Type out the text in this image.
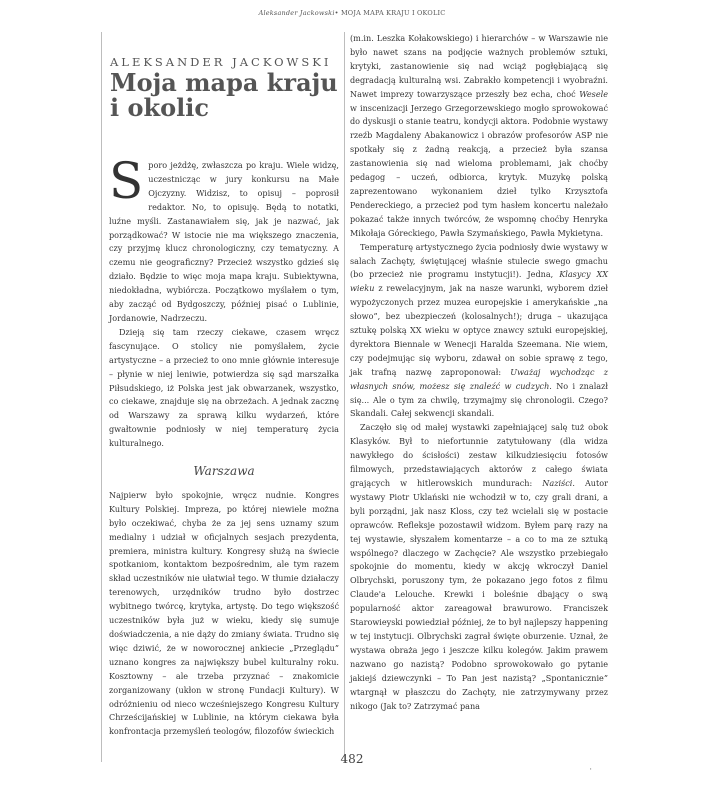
Aleksander Jackowski• MOJA MAPA KRAJU I OKOLIC
ALEKSANDER JACKOWSKI
Moja mapa kraju
i okolic

Sporo jeżdżę, zwłaszcza po kraju. Wiele widzę, uczestnicząc w jury konkursu na Małe Ojczyzny. Widzisz, to opisuj – poprosił redaktor. No, to opisuję. Będą to notatki, luźne myśli. Zastanawiałem się, jak je nazwać, jak porządkować? W istocie nie ma większego znaczenia, czy przyjmę klucz chronologiczny, czy tematyczny. A czemu nie geograficzny? Przecież wszystko gdzieś się działo. Będzie to więc moja mapa kraju. Subiektywna, niedokładna, wybiórcza. Początkowo myślałem o tym, aby zacząć od Bydgoszczy, później pisać o Lublinie, Jordanowie, Nadrzeczu.

Dzieją się tam rzeczy ciekawe, czasem wręcz fascynujące. O stolicy nie pomyślałem, życie artystyczne – a przecież to ono mnie głównie interesuje – płynie w niej leniwie, potwierdza się sąd marszałka Piłsudskiego, iż Polska jest jak obwarzanek, wszystko, co ciekawe, znajduje się na obrzeżach. A jednak zacznę od Warszawy za sprawą kilku wydarzeń, które gwałtownie podniosły w niej temperaturę życia kulturalnego.

Warszawa

Najpierw było spokojnie, wręcz nudnie. Kongres Kultury Polskiej. Impreza, po której niewiele można było oczekiwać, chyba że za jej sens uznamy szum medialny i udział w oficjalnych sesjach prezydenta, premiera, ministra kultury. Kongresy służą na świecie spotkaniom, kontaktom bezpośrednim, ale tym razem skład uczestników nie ułatwiał tego. W tłumie działaczy terenowych, urzędników trudno było dostrzec wybitnego twórcę, krytyka, artystę. Do tego większość uczestników była już w wieku, kiedy się sumuje doświadczenia, a nie dąży do zmiany świata. Trudno się więc dziwić, że w noworocznej ankiecie „Przeglądu” uznano kongres za największy bubel kulturalny roku. Kosztowny – ale trzeba przyznać – znakomicie zorganizowany (ukłon w stronę Fundacji Kultury). W odróżnieniu od nieco wcześniejszego Kongresu Kultury Chrześcijańskiej w Lublinie, na którym ciekawa była konfrontacja przemyśleń teologów, filozofów świeckich

(m.in. Leszka Kołakowskiego) i hierarchów – w Warszawie nie było nawet szans na podjęcie ważnych problemów sztuki, krytyki, zastanowienie się nad wciąż pogłębiającą się degradacją kulturalną wsi. Zabrakło kompetencji i wyobraźni. Nawet imprezy towarzyszące przeszły bez echa, choć Wesele w inscenizacji Jerzego Grzegorzewskiego mogło sprowokować do dyskusji o stanie teatru, kondycji aktora. Podobnie wystawy rzeźb Magdaleny Abakanowicz i obrazów profesorów ASP nie spotkały się z żadną reakcją, a przecież była szansa zastanowienia się nad wieloma problemami, jak choćby pedagog – uczeń, odbiorca, krytyk. Muzykę polską zaprezentowano wykonaniem dzieł tylko Krzysztofa Pendereckiego, a przecież pod tym hasłem koncertu należało pokazać także innych twórców, że wspomnę choćby Henryka Mikołaja Góreckiego, Pawła Szymańskiego, Pawła Mykietyna.

Temperaturę artystycznego życia podniosły dwie wystawy w salach Zachęty, świętującej właśnie stulecie swego gmachu (bo przecież nie programu instytucji!). Jedna, Klasycy XX wieku z rewelacyjnym, jak na nasze warunki, wyborem dzieł wypożyczonych przez muzea europejskie i amerykańskie „na słowo”, bez ubezpieczeń (kolosalnych!); druga – ukazująca sztukę polską XX wieku w optyce znawcy sztuki europejskiej, dyrektora Biennale w Wenecji Haralda Szeemana. Nie wiem, czy podejmując się wyboru, zdawał on sobie sprawę z tego, jak trafną nazwę zaproponował: Uważaj wychodząc z własnych snów, możesz się znaleźć w cudzych. No i znalazł się... Ale o tym za chwilę, trzymajmy się chronologii. Czego? Skandali. Całej sekwencji skandali.

Zaczęło się od małej wystawki zapełniającej salę tuż obok Klasyków. Był to niefortunnie zatytułowany (dla widza nawykłego do ścisłości) zestaw kilkudziesięciu fotosów filmowych, przedstawiających aktorów z całego świata grających w hitlerowskich mundurach: Naziści. Autor wystawy Piotr Uklański nie wchodził w to, czy grali drani, a byli porządni, jak nasz Kloss, czy też wcielali się w postacie oprawców. Refleksje pozostawił widzom. Byłem parę razy na tej wystawie, słyszałem komentarze – a co to ma ze sztuką wspólnego? dlaczego w Zachęcie? Ale wszystko przebiegało spokojnie do momentu, kiedy w akcję wkroczył Daniel Olbrychski, poruszony tym, że pokazano jego fotos z filmu Claude'a Lelouche. Krewki i boleśnie dbający o swą popularność aktor zareagował brawurowo. Franciszek Starowieyski powiedział później, że to był najlepszy happening w tej instytucji. Olbrychski zagrał święte oburzenie. Uznał, że wystawa obraża jego i jeszcze kilku kolegów. Jakim prawem nazwano go nazistą? Podobno sprowokowało go pytanie jakiejś dziewczynki – To Pan jest nazistą? „Spontanicznie” wtargnął w płaszczu do Zachęty, nie zatrzymywany przez nikogo (Jak to? Zatrzymać pana

482
'
